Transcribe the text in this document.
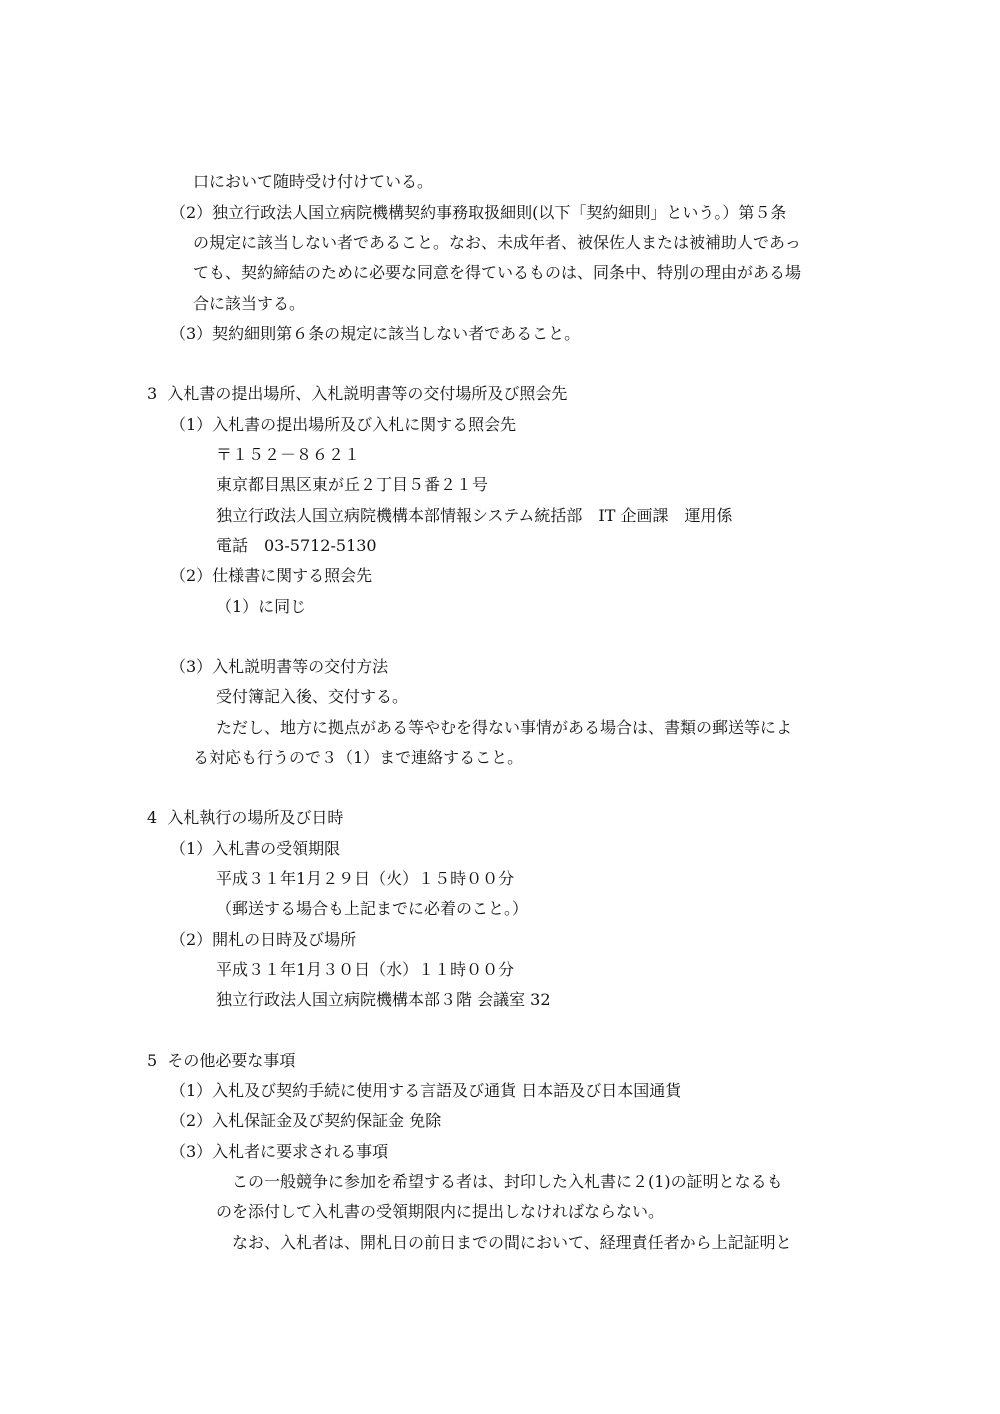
口において随時受け付けている。
（2）独立行政法人国立病院機構契約事務取扱細則(以下「契約細則」という。）第５条
の規定に該当しない者であること。なお、未成年者、被保佐人または被補助人であっ
ても、契約締結のために必要な同意を得ているものは、同条中、特別の理由がある場
合に該当する。
（3）契約細則第６条の規定に該当しない者であること。
3  入札書の提出場所、入札説明書等の交付場所及び照会先
（1）入札書の提出場所及び入札に関する照会先
〒１５２－８６２１
東京都目黒区東が丘２丁目５番２１号
独立行政法人国立病院機構本部情報システム統括部　IT 企画課　運用係
電話　03-5712-5130
（2）仕様書に関する照会先
（1）に同じ
（3）入札説明書等の交付方法
受付簿記入後、交付する。
ただし、地方に拠点がある等やむを得ない事情がある場合は、書類の郵送等によ
る対応も行うので３（1）まで連絡すること。
4  入札執行の場所及び日時
（1）入札書の受領期限
平成３１年1月２９日（火）１５時００分
（郵送する場合も上記までに必着のこと。）
（2）開札の日時及び場所
平成３１年1月３０日（水）１１時００分
独立行政法人国立病院機構本部３階 会議室 32
5  その他必要な事項
（1）入札及び契約手続に使用する言語及び通貨 日本語及び日本国通貨
（2）入札保証金及び契約保証金 免除
（3）入札者に要求される事項
この一般競争に参加を希望する者は、封印した入札書に２(1)の証明となるも
のを添付して入札書の受領期限内に提出しなければならない。
なお、入札者は、開札日の前日までの間において、経理責任者から上記証明と
